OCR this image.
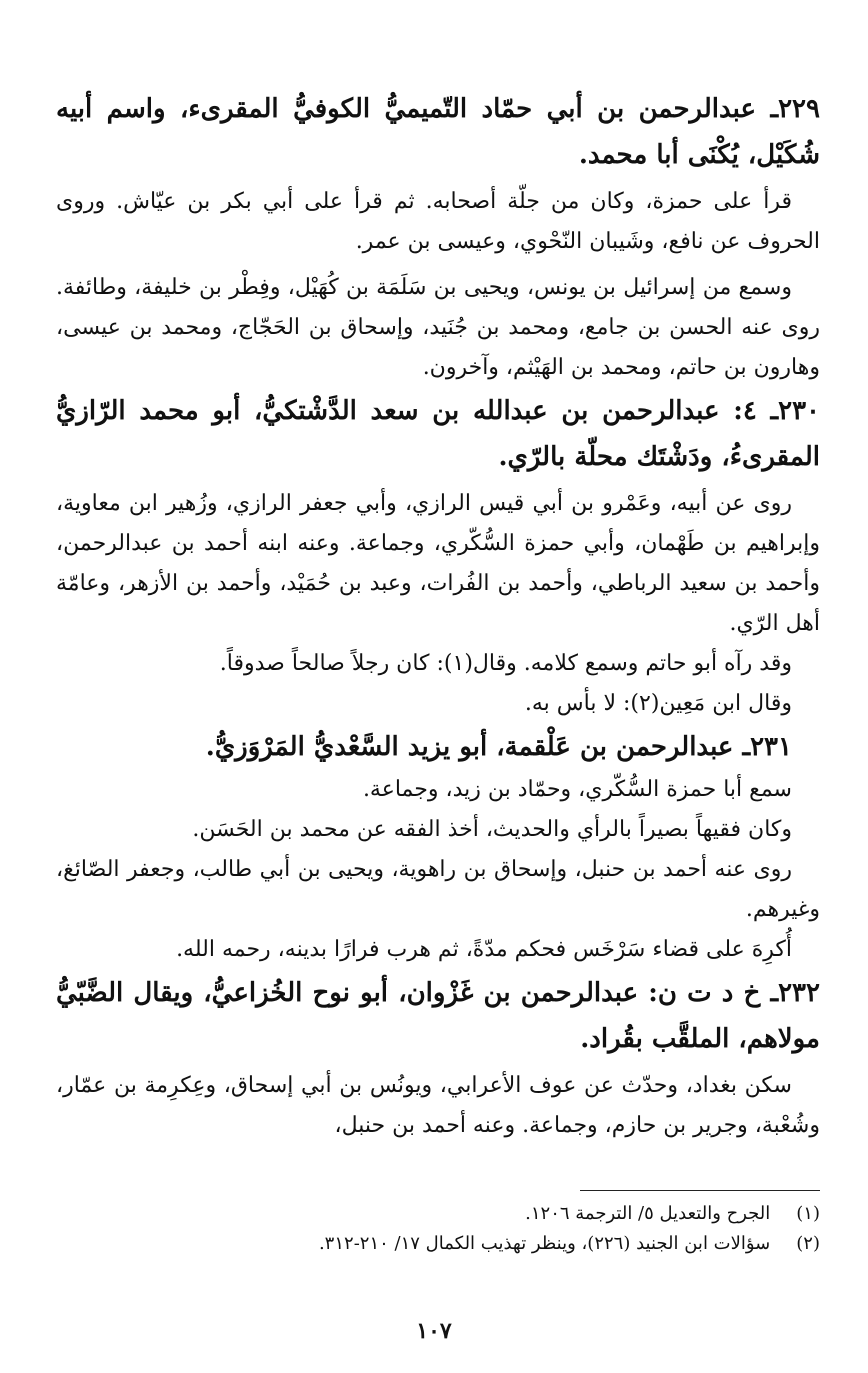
٢٢٩ـ عبدالرحمن بن أبي حمّاد التّميميُّ الكوفيُّ المقرىء، واسم أبيه شُكَيْل، يُكْنَى أبا محمد.

قرأ على حمزة، وكان من جلّة أصحابه. ثم قرأ على أبي بكر بن عيّاش. وروى الحروف عن نافع، وشَيبان النّحْوي، وعيسى بن عمر.

وسمع من إسرائيل بن يونس، ويحيى بن سَلَمَة بن كُهَيْل، وفِطْر بن خليفة، وطائفة. روى عنه الحسن بن جامع، ومحمد بن جُنَيد، وإسحاق بن الحَجّاج، ومحمد بن عيسى، وهارون بن حاتم، ومحمد بن الهَيْثم، وآخرون.

٢٣٠ـ ٤: عبدالرحمن بن عبدالله بن سعد الدَّشْتكيُّ، أبو محمد الرّازيُّ المقرىءُ، ودَشْتَك محلّة بالرّي.

روى عن أبيه، وعَمْرو بن أبي قيس الرازي، وأبي جعفر الرازي، وزُهير ابن معاوية، وإبراهيم بن طَهْمان، وأبي حمزة السُّكّري، وجماعة. وعنه ابنه أحمد بن عبدالرحمن، وأحمد بن سعيد الرباطي، وأحمد بن الفُرات، وعبد بن حُمَيْد، وأحمد بن الأزهر، وعامّة أهل الرّي.

وقد رآه أبو حاتم وسمع كلامه. وقال(١): كان رجلاً صالحاً صدوقاً.

وقال ابن مَعِين(٢): لا بأس به.

٢٣١ـ عبدالرحمن بن عَلْقمة، أبو يزيد السَّعْديُّ المَرْوَزيُّ.

سمع أبا حمزة السُّكّري، وحمّاد بن زيد، وجماعة.

وكان فقيهاً بصيراً بالرأي والحديث، أخذ الفقه عن محمد بن الحَسَن.

روى عنه أحمد بن حنبل، وإسحاق بن راهوية، ويحيى بن أبي طالب، وجعفر الصّائغ، وغيرهم.

أُكرِهَ على قضاء سَرْخَس فحكم مدّةً، ثم هرب فرارًا بدينه، رحمه الله.

٢٣٢ـ خ د ت ن: عبدالرحمن بن غَزْوان، أبو نوح الخُزاعيُّ، ويقال الضَّبّيُّ مولاهم، الملقَّب بقُراد.

سكن بغداد، وحدّث عن عوف الأعرابي، ويونُس بن أبي إسحاق، وعِكرِمة بن عمّار، وشُعْبة، وجرير بن حازم، وجماعة. وعنه أحمد بن حنبل،

(١) الجرح والتعديل ٥/ الترجمة ١٢٠٦.

(٢) سؤالات ابن الجنيد (٢٢٦)، وينظر تهذيب الكمال ١٧/ ٢١٠-٣١٢.

١٠٧
